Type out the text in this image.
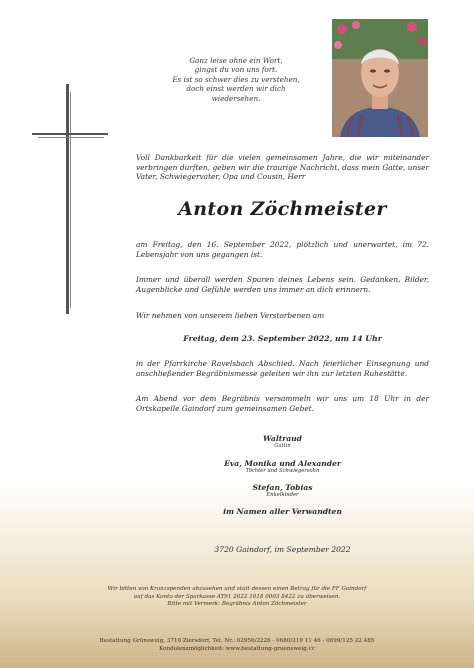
Ganz leise ohne ein Wort,
gingst du von uns fort.
Es ist so schwer dies zu verstehen,
doch einst werden wir dich
wiedersehen.
Voll Dankbarkeit für die vielen gemeinsamen Jahre, die wir miteinander verbringen durften, geben wir die traurige Nachricht, dass mein Gatte, unser Vater, Schwiegervater, Opa und Cousin, Herr
Anton Zöchmeister
am Freitag, den 16. September 2022, plötzlich und unerwartet, im 72. Lebensjahr von uns gegangen ist.
Immer und überall werden Spuren deines Lebens sein. Gedanken, Bilder, Augenblicke und Gefühle werden uns immer an dich erinnern.
Wir nehmen von unserem lieben Verstorbenen am
Freitag, dem 23. September 2022, um 14 Uhr
in der Pfarrkirche Ravelsbach Abschied. Nach feierlicher Einsegnung und anschließender Begräbnismesse geleiten wir ihn zur letzten Ruhestätte.
Am Abend vor dem Begräbnis versammeln wir uns um 18 Uhr in der Ortskapelle Gaindorf zum gemeinsamen Gebet.
Waltraud
Gattin
Eva, Monika und Alexander
Töchter und Schwiegersohn
Stefan, Tobias
Enkelkinder
im Namen aller Verwandten
3720 Gaindorf, im September 2022
Wir bitten von Kranzspenden abzusehen und statt dessen einen Betrag für die FF Gaindorf
auf das Konto der Sparkasse AT91 2022 1018 0003 8422 zu überweisen.
Bitte mit Vermerk: Begräbnis Anton Zöchmeister
Bestattung Grünsweig, 3710 Ziersdorf, Tel. Nr.: 02956/2226 - 0680/219 11 46 - 0699/125 22 485
Kondolenzmöglichkeit: www.bestattung-gruensweig.cc
